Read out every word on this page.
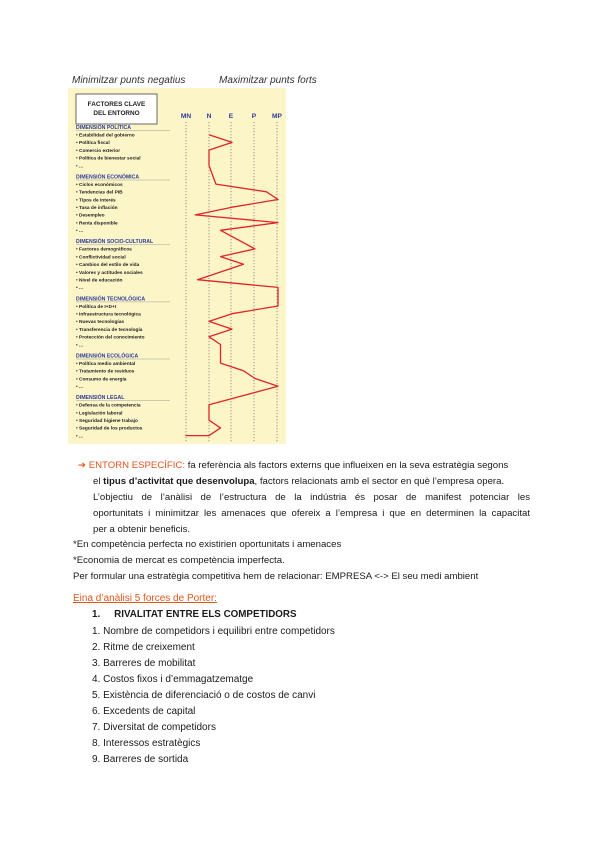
Minimitzar punts negatius	Maximitzar punts forts
FACTORES CLAVE
DEL ENTORNO	MN N	E	P MP
DIMENSIÓN POLÍTICA
• Estabilidad del gobierno
• Política fiscal
• Comercio exterior
• Política de bienestar social
• ...
DIMENSIÓN ECONÓMICA
• Ciclos económicos
• Tendencias del PIB
• Tipos de interés
• Tasa de inflación
• Desempleo
• Renta disponible
• ...
DIMENSIÓN SOCIO-CULTURAL
• Factores demográficos
• Conflictividad social
• Cambios del estilo de vida
• Valores y actitudes sociales
• Nivel de educación
• ...
DIMENSIÓN TECNOLÓGICA
• Política de I+D+I
• Infraestructura tecnológica
• Nuevas tecnologías
• Transferencia de tecnología
• Protección del conocimiento
• ...
DIMENSIÓN ECOLÓGICA
• Política medio ambiental
• Tratamiento de residuos
• Consumo de energía
• ...
DIMENSIÓN LEGAL
• Defensa de la competencia
• Legislación laboral
• Seguridad higiene trabajo
• Seguridad de los productos
• ...
➔ ENTORN ESPECÍFIC: fa referència als factors externs que influeixen en la seva estratègia segons
el tipus d’activitat que desenvolupa, factors relacionats amb el sector en què l’empresa opera.
L’objectiu de l’anàlisi de l’estructura de la indústria és posar de manifest potenciar les
oportunitats i minimitzar les amenaces que ofereix a l’empresa i que en determinen la capacitat
per a obtenir beneficis.
*En competència perfecta no existirien oportunitats i amenaces
*Economia de mercat es competència imperfecta.
Per formular una estratègia competitiva hem de relacionar: EMPRESA <-> El seu medi ambient
Eina d’anàlisi 5 forces de Porter:
1. RIVALITAT ENTRE ELS COMPETIDORS
1. Nombre de competidors i equilibri entre competidors
2. Ritme de creixement
3. Barreres de mobilitat
4. Costos fixos i d’emmagatzematge
5. Existència de diferenciació o de costos de canvi
6. Excedents de capital
7. Diversitat de competidors
8. Interessos estratègics
9. Barreres de sortida
